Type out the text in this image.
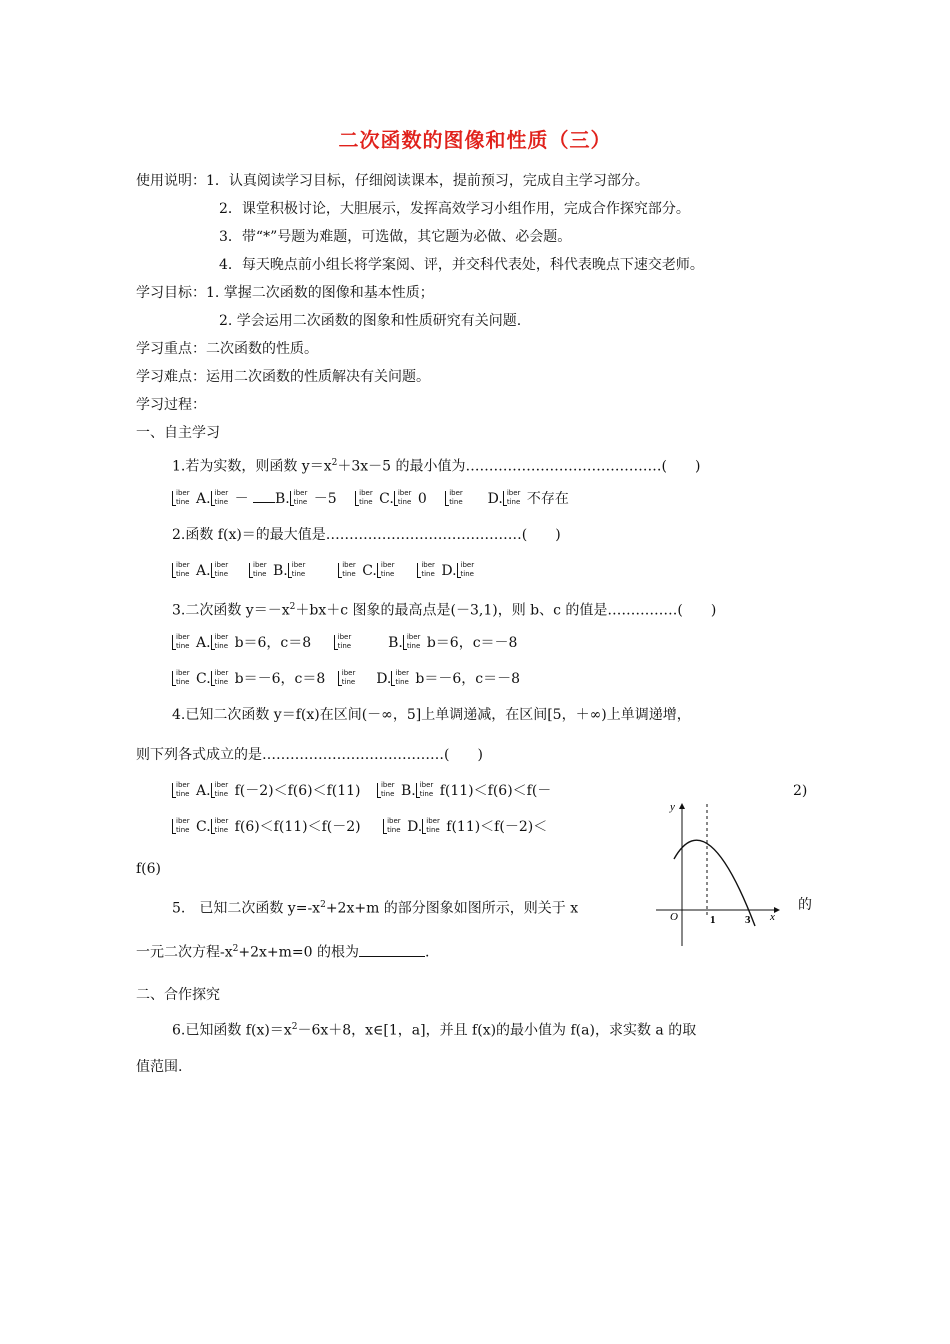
二次函数的图像和性质（三）
使用说明：1．认真阅读学习目标，仔细阅读课本，提前预习，完成自主学习部分。
2．课堂积极讨论，大胆展示，发挥高效学习小组作用，完成合作探究部分。
3．带“*”号题为难题，可选做，其它题为必做、必会题。
4．每天晚点前小组长将学案阅、评，并交科代表处，科代表晚点下速交老师。
学习目标：1. 掌握二次函数的图像和基本性质；
2. 学会运用二次函数的图象和性质研究有关问题.
学习重点：二次函数的性质。
学习难点：运用二次函数的性质解决有关问题。
学习过程：
一、自主学习
1.若为实数，则函数 $y=x^2+3x-5$ 的最小值为……………………………………(　　)
iber
tine A. iber
tine － B. iber
tine －5	iber
tine C. iber
tine 0	iber
tine D. iber
tine 不存在
2.函数 f(x)＝的最大值是……………………………………(　　)
iber
tine A. iber
tine

iber
tine B. iber
tine

iber
tine C. iber
tine

iber
tine D. iber
tine
3.二次函数 $y=-x^2+bx+c$ 图象的最高点是(－3,1)，则 b、c 的值是……………(　　)
iber
tine A. iber
tine b＝6，c＝8	iber
tine	B. iber
tine b＝6，c＝－8
iber
tine C. iber
tine b＝－6，c＝8 iber
tine D. iber
tine b＝－6，c＝－8
4.已知二次函数 y＝f(x)在区间(－∞，5]上单调递减，在区间[5，＋∞)上单调递增，
则下列各式成立的是…………………………………(　　)
iber
tine A. iber
tine f(－2)＜f(6)＜f(11)	iber
tine B. iber
tine f(11)＜f(6)＜f(－	2)
iber
tine C. iber
tine f(6)＜f(11)＜f(－2)	iber
tine D. iber
tine f(11)＜f(－2)＜
f(6)
y
x
O	1	3
5.　已知二次函数 $y=-x^2+2x+m$ 的部分图象如图所示，则关于 x	的
一元二次方程$-x^2+2x+m=0$ 的根为	.
二、合作探究
6.已知函数 $f(x)=x^2-6x+8$，x∈[1，a]，并且 f(x)的最小值为 f(a)，求实数 a 的取
值范围.
